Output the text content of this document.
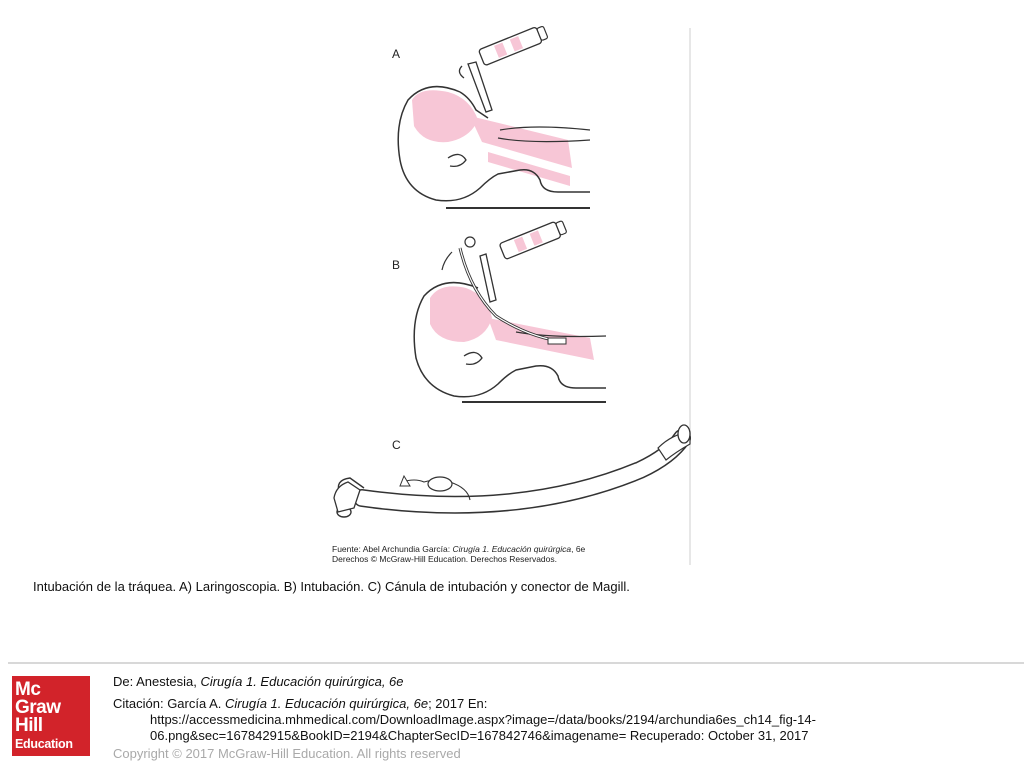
A
B
C
Fuente: Abel Archundia García: Cirugía 1. Educación quirúrgica, 6e
Derechos © McGraw-Hill Education. Derechos Reservados.
Intubación de la tráquea. A) Laringoscopia. B) Intubación. C) Cánula de intubación y conector de Magill.
Mc
Graw
Hill
Education
De: Anestesia, Cirugía 1. Educación quirúrgica, 6e
Citación: García A. Cirugía 1. Educación quirúrgica, 6e; 2017 En:
https://accessmedicina.mhmedical.com/DownloadImage.aspx?image=/data/books/2194/archundia6es_ch14_fig-14-
06.png&sec=167842915&BookID=2194&ChapterSecID=167842746&imagename= Recuperado: October 31, 2017
Copyright © 2017 McGraw-Hill Education. All rights reserved
